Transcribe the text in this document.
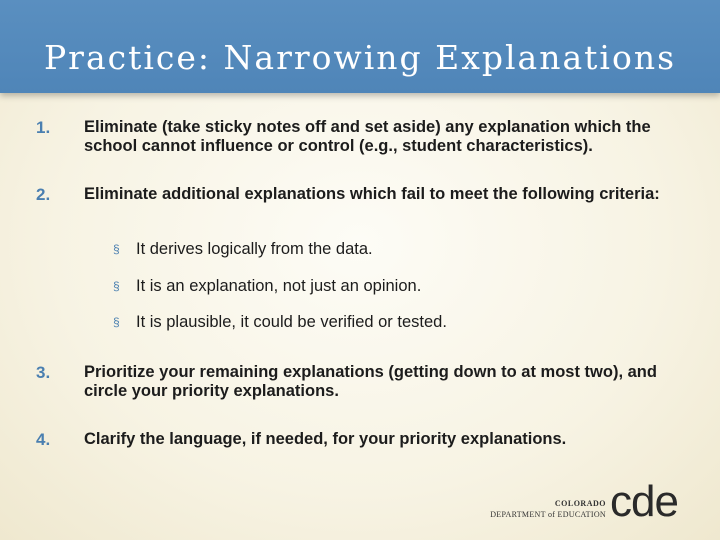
Practice: Narrowing Explanations
1.	Eliminate (take sticky notes off and set aside) any explanation which the school cannot influence or control (e.g., student characteristics).
2.	Eliminate additional explanations which fail to meet the following criteria:
§ It derives logically from the data.
§ It is an explanation, not just an opinion.
§ It is plausible, it could be verified or tested.
3.	Prioritize your remaining explanations (getting down to at most two), and circle your priority explanations.
4.	Clarify the language, if needed, for your priority explanations.
COLORADO
DEPARTMENT of EDUCATION cde
